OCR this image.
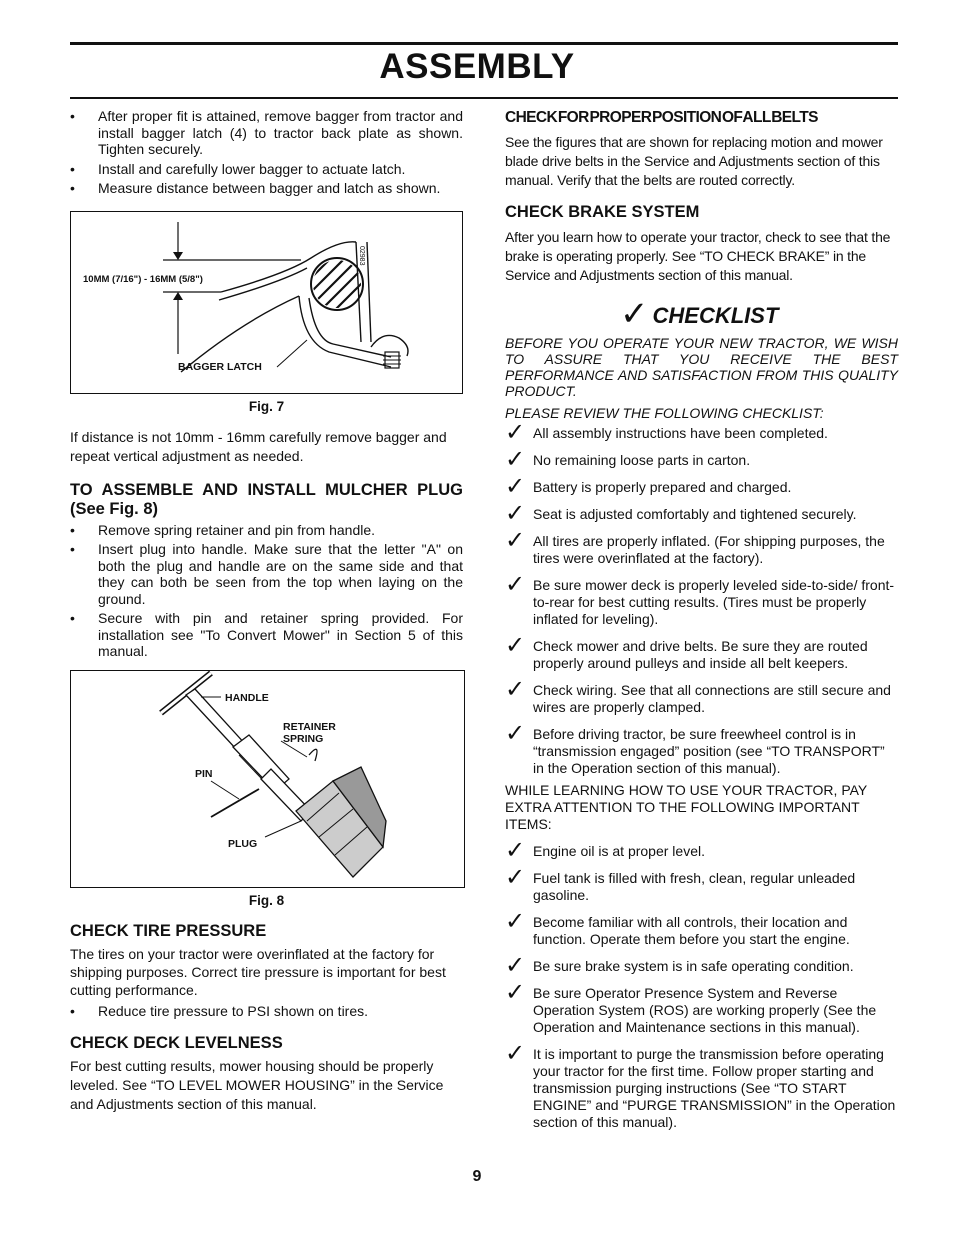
ASSEMBLY
• After proper fit is attained, remove bagger from tractor and install bagger latch (4) to tractor back plate as shown. Tighten securely.
• Install and carefully lower bagger to actuate latch.
• Measure distance between bagger and latch as shown.
10MM (7/16") - 16MM (5/8")
BAGGER LATCH
02983
Fig. 7

If distance is not 10mm - 16mm carefully remove bagger and repeat vertical adjustment as needed.

TO ASSEMBLE AND INSTALL MULCHER PLUG (See Fig. 8)
• Remove spring retainer and pin from handle.
• Insert plug into handle. Make sure that the letter "A" on both the plug and handle are on the same side and that they can both be seen from the top when laying on the ground.
• Secure with pin and retainer spring provided. For installation see "To Convert Mower" in Section 5 of this manual.
HANDLE
RETAINER
SPRING
PIN
PLUG
Fig. 8
CHECK TIRE PRESSURE

The tires on your tractor were overinflated at the factory for shipping purposes. Correct tire pressure is important for best cutting performance.

• Reduce tire pressure to PSI shown on tires.
CHECK DECK LEVELNESS

For best cutting results, mower housing should be properly leveled. See “TO LEVEL MOWER HOUSING” in the Service and Adjustments section of this manual.

CHECK FOR PROPER POSITION OF ALL BELTS

See the figures that are shown for replacing motion and mower blade drive belts in the Service and Adjustments section of this manual. Verify that the belts are routed correctly.

CHECK BRAKE SYSTEM

After you learn how to operate your tractor, check to see that the brake is operating properly. See “TO CHECK BRAKE” in the Service and Adjustments section of this manual.

✓ CHECKLIST

BEFORE YOU OPERATE YOUR NEW TRACTOR, WE WISH TO ASSURE THAT YOU RECEIVE THE BEST PERFORMANCE AND SATISFACTION FROM THIS QUALITY PRODUCT.

PLEASE REVIEW THE FOLLOWING CHECKLIST:

✓ All assembly instructions have been completed.
✓ No remaining loose parts in carton.
✓ Battery is properly prepared and charged.
✓ Seat is adjusted comfortably and tightened securely.
✓ All tires are properly inflated. (For shipping purposes, the tires were overinflated at the factory).
✓ Be sure mower deck is properly leveled side-to-side/ front-to-rear for best cutting results. (Tires must be properly inflated for leveling).
✓ Check mower and drive belts. Be sure they are routed properly around pulleys and inside all belt keepers.
✓ Check wiring. See that all connections are still secure and wires are properly clamped.
✓ Before driving tractor, be sure freewheel control is in “transmission engaged” position (see “TO TRANSPORT” in the Operation section of this manual).

WHILE LEARNING HOW TO USE YOUR TRACTOR, PAY EXTRA ATTENTION TO THE FOLLOWING IMPORTANT ITEMS:

✓ Engine oil is at proper level.
✓ Fuel tank is filled with fresh, clean, regular unleaded gasoline.
✓ Become familiar with all controls, their location and function. Operate them before you start the engine.
✓ Be sure brake system is in safe operating condition.
✓ Be sure Operator Presence System and Reverse Operation System (ROS) are working properly (See the Operation and Maintenance sections in this manual).
✓ It is important to purge the transmission before operating your tractor for the first time. Follow proper starting and transmission purging instructions (See “TO START ENGINE” and “PURGE TRANSMISSION” in the Operation section of this manual).
9
